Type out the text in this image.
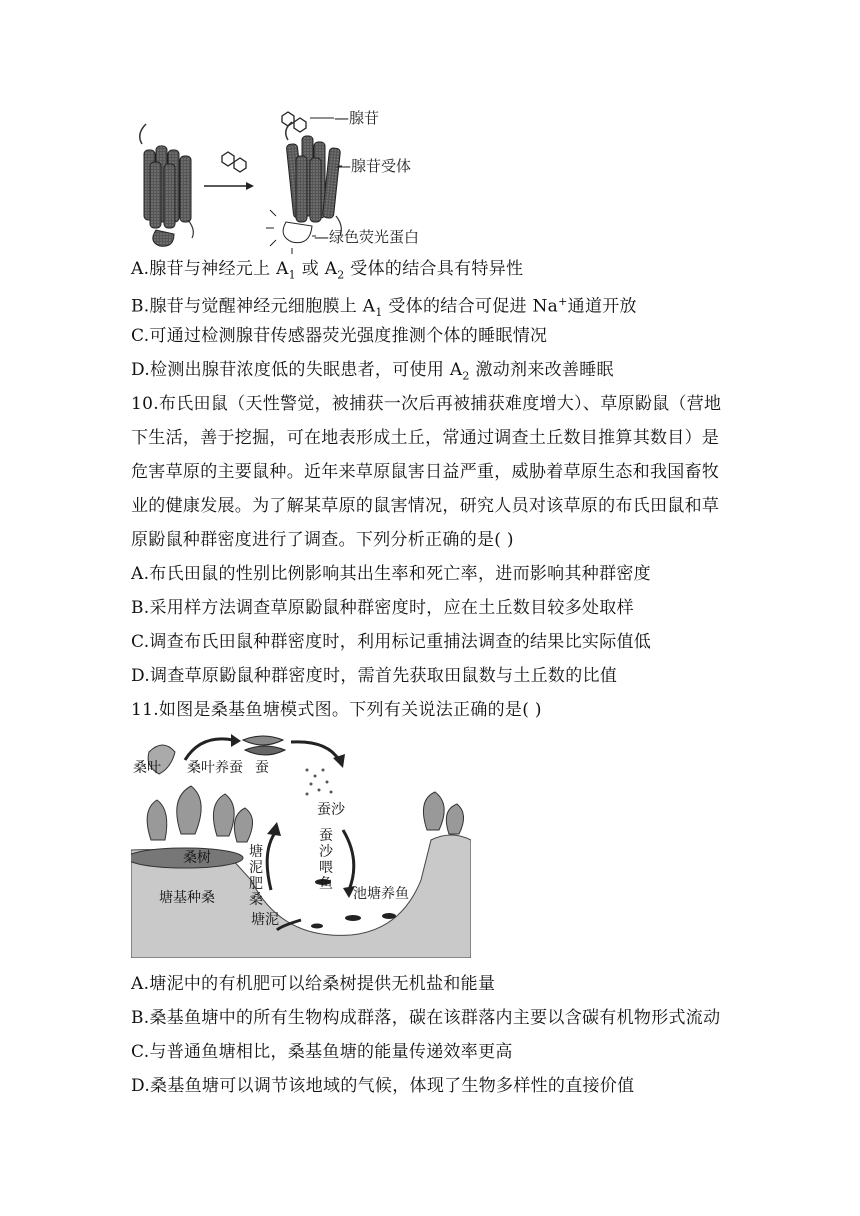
—腺苷
—腺苷受体
—绿色荧光蛋白
A.腺苷与神经元上 $A_1$ 或 $A_2$ 受体的结合具有特异性
B.腺苷与觉醒神经元细胞膜上 $A_1$ 受体的结合可促进 Na+通道开放
C.可通过检测腺苷传感器荧光强度推测个体的睡眠情况
D.检测出腺苷浓度低的失眠患者，可使用 $A_2$ 激动剂来改善睡眠
10.布氏田鼠（天性警觉，被捕获一次后再被捕获难度增大）、草原鼢鼠（营地
下生活，善于挖掘，可在地表形成土丘，常通过调查土丘数目推算其数目）是
危害草原的主要鼠种。近年来草原鼠害日益严重，威胁着草原生态和我国畜牧
业的健康发展。为了解某草原的鼠害情况，研究人员对该草原的布氏田鼠和草
原鼢鼠种群密度进行了调查。下列分析正确的是( )
A.布氏田鼠的性别比例影响其出生率和死亡率，进而影响其种群密度
B.采用样方法调查草原鼢鼠种群密度时，应在土丘数目较多处取样
C.调查布氏田鼠种群密度时，利用标记重捕法调查的结果比实际值低
D.调查草原鼢鼠种群密度时，需首先获取田鼠数与土丘数的比值
11.如图是桑基鱼塘模式图。下列有关说法正确的是( )
桑叶 桑叶养蚕 蚕
蚕沙
蚕
沙
喂
鱼
桑树	塘
泥
肥
桑	池塘养鱼
塘基种桑
塘泥
A.塘泥中的有机肥可以给桑树提供无机盐和能量
B.桑基鱼塘中的所有生物构成群落，碳在该群落内主要以含碳有机物形式流动
C.与普通鱼塘相比，桑基鱼塘的能量传递效率更高
D.桑基鱼塘可以调节该地域的气候，体现了生物多样性的直接价值
